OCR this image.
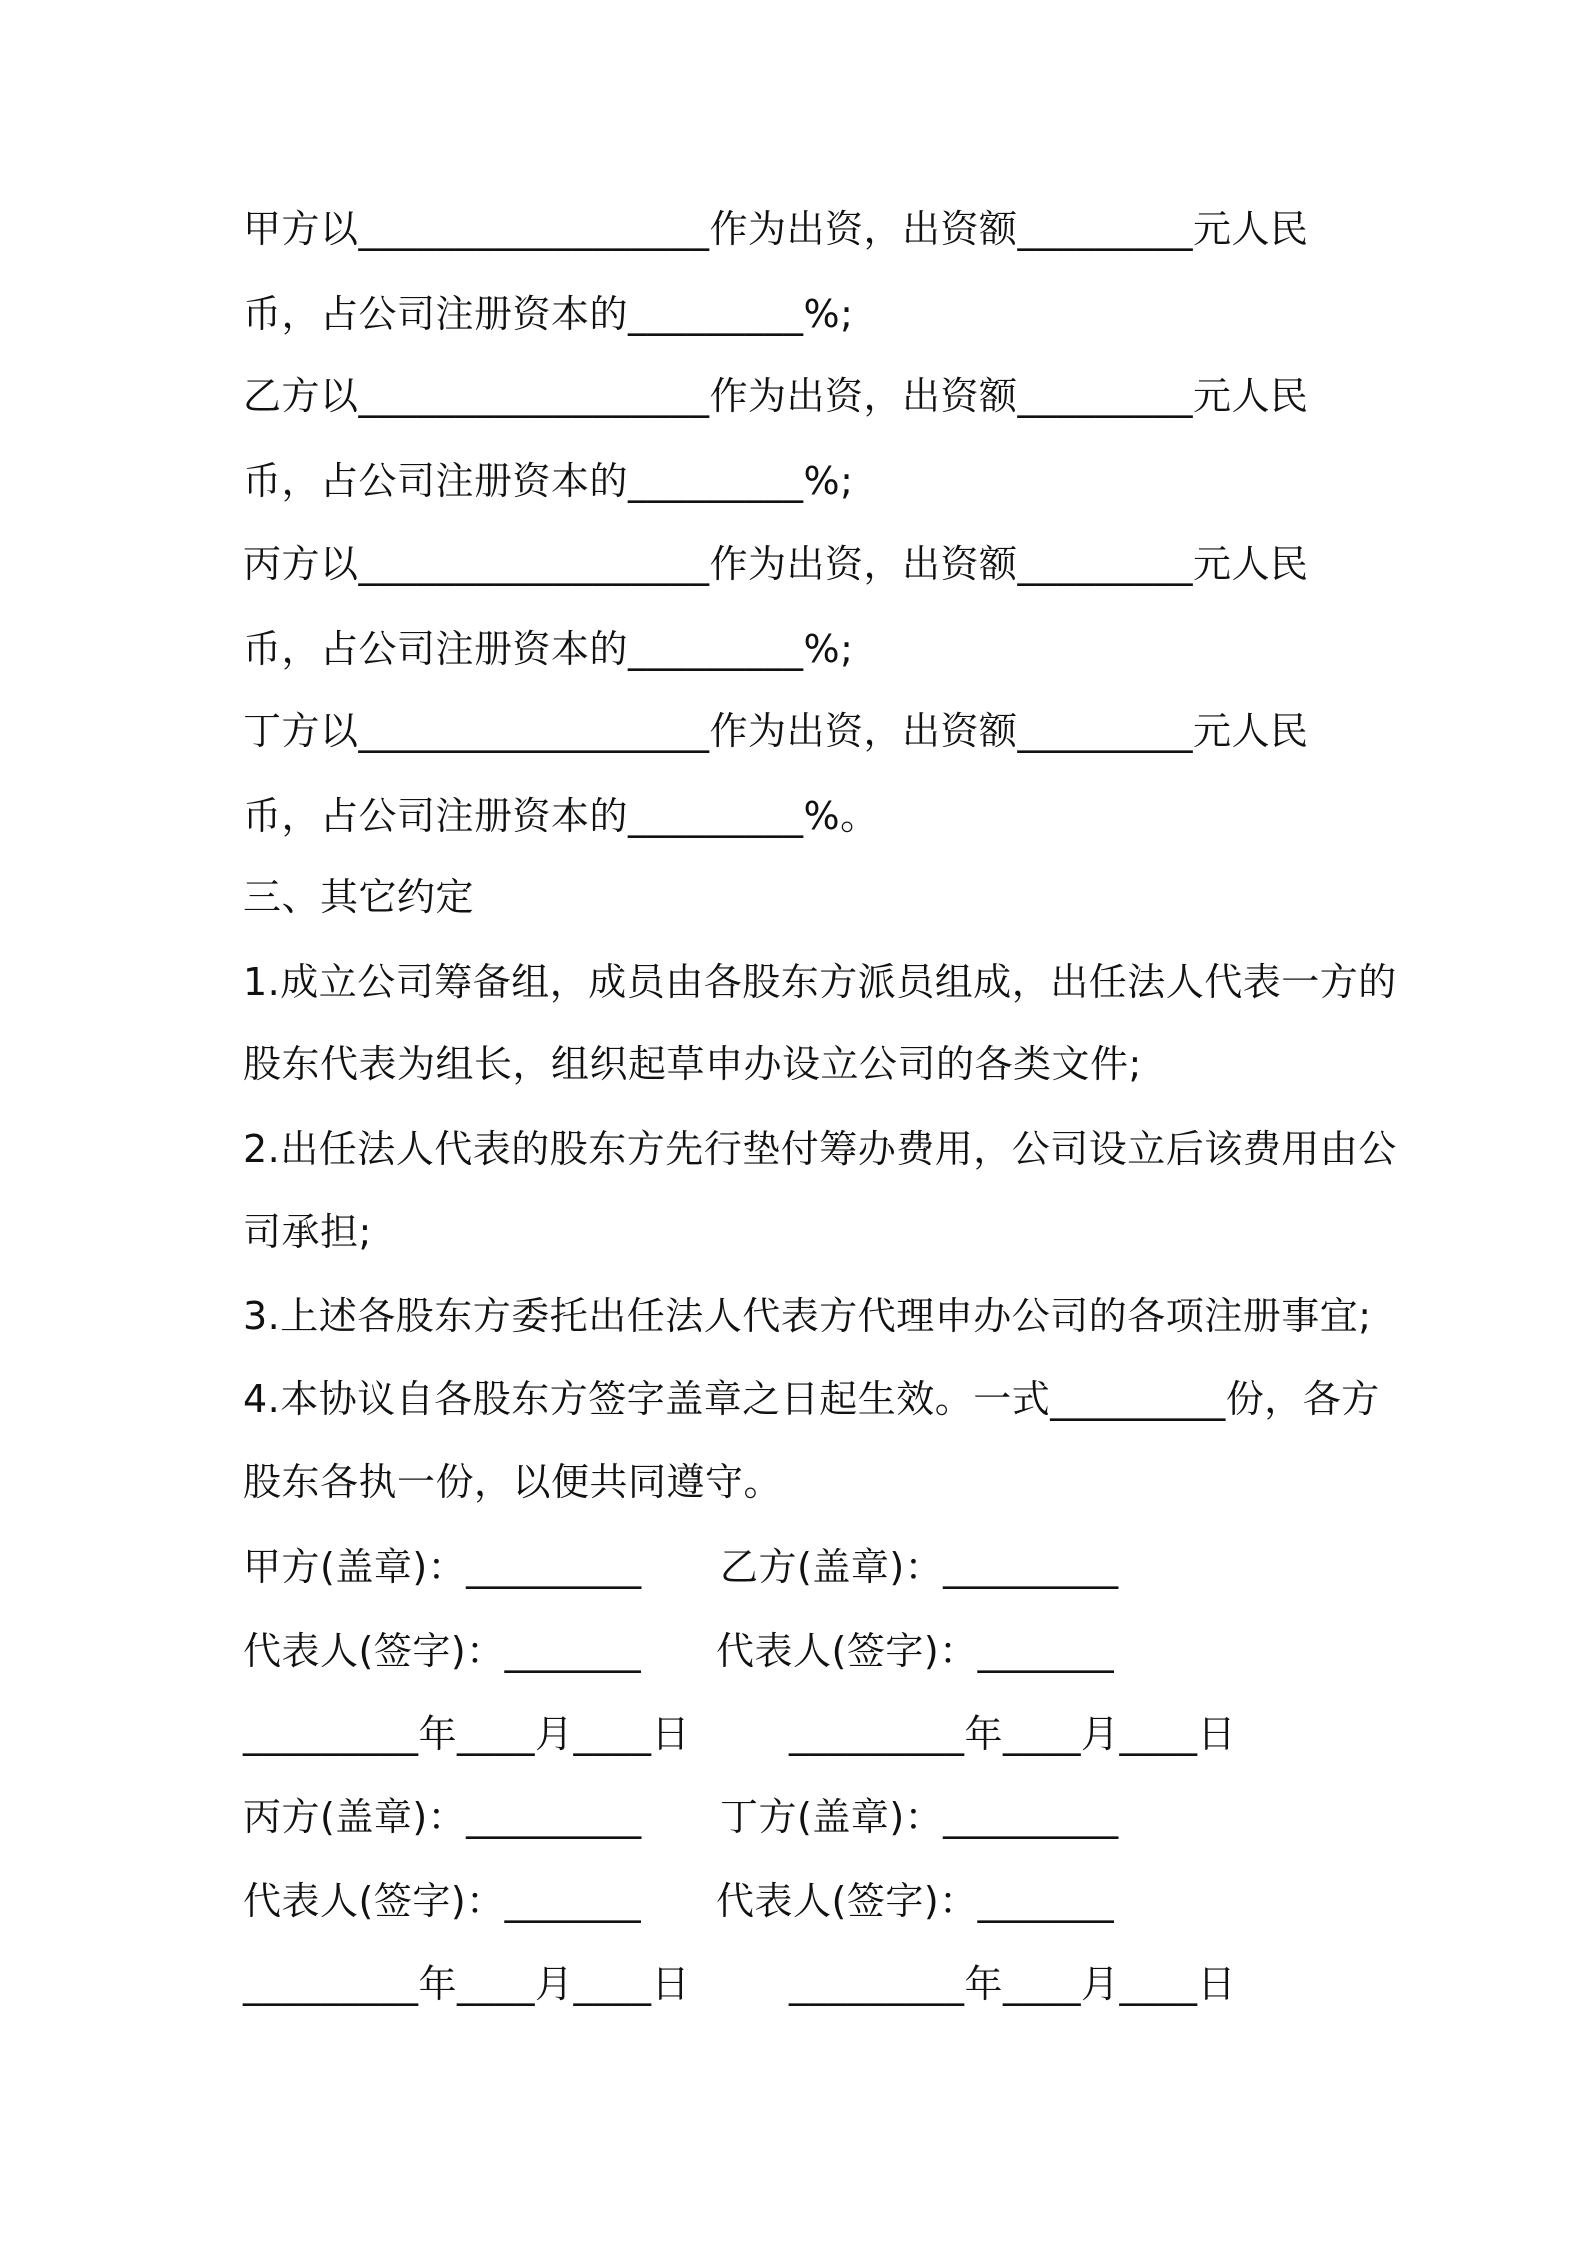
甲方以__________________作为出资，出资额_________元人民
币，占公司注册资本的_________%;
乙方以__________________作为出资，出资额_________元人民
币，占公司注册资本的_________%;
丙方以__________________作为出资，出资额_________元人民
币，占公司注册资本的_________%;
丁方以__________________作为出资，出资额_________元人民
币，占公司注册资本的_________%。
三、其它约定
1.成立公司筹备组，成员由各股东方派员组成，出任法人代表一方的
股东代表为组长，组织起草申办设立公司的各类文件;
2.出任法人代表的股东方先行垫付筹办费用，公司设立后该费用由公
司承担;
3.上述各股东方委托出任法人代表方代理申办公司的各项注册事宜;
4.本协议自各股东方签字盖章之日起生效。一式_________份，各方
股东各执一份，以便共同遵守。
甲方(盖章)：_________ 乙方(盖章)：_________
代表人(签字)：_______ 代表人(签字)：_______
_________年____月____日	_________年____月____日
丙方(盖章)：_________ 丁方(盖章)：_________
代表人(签字)：_______ 代表人(签字)：_______
_________年____月____日	_________年____月____日
